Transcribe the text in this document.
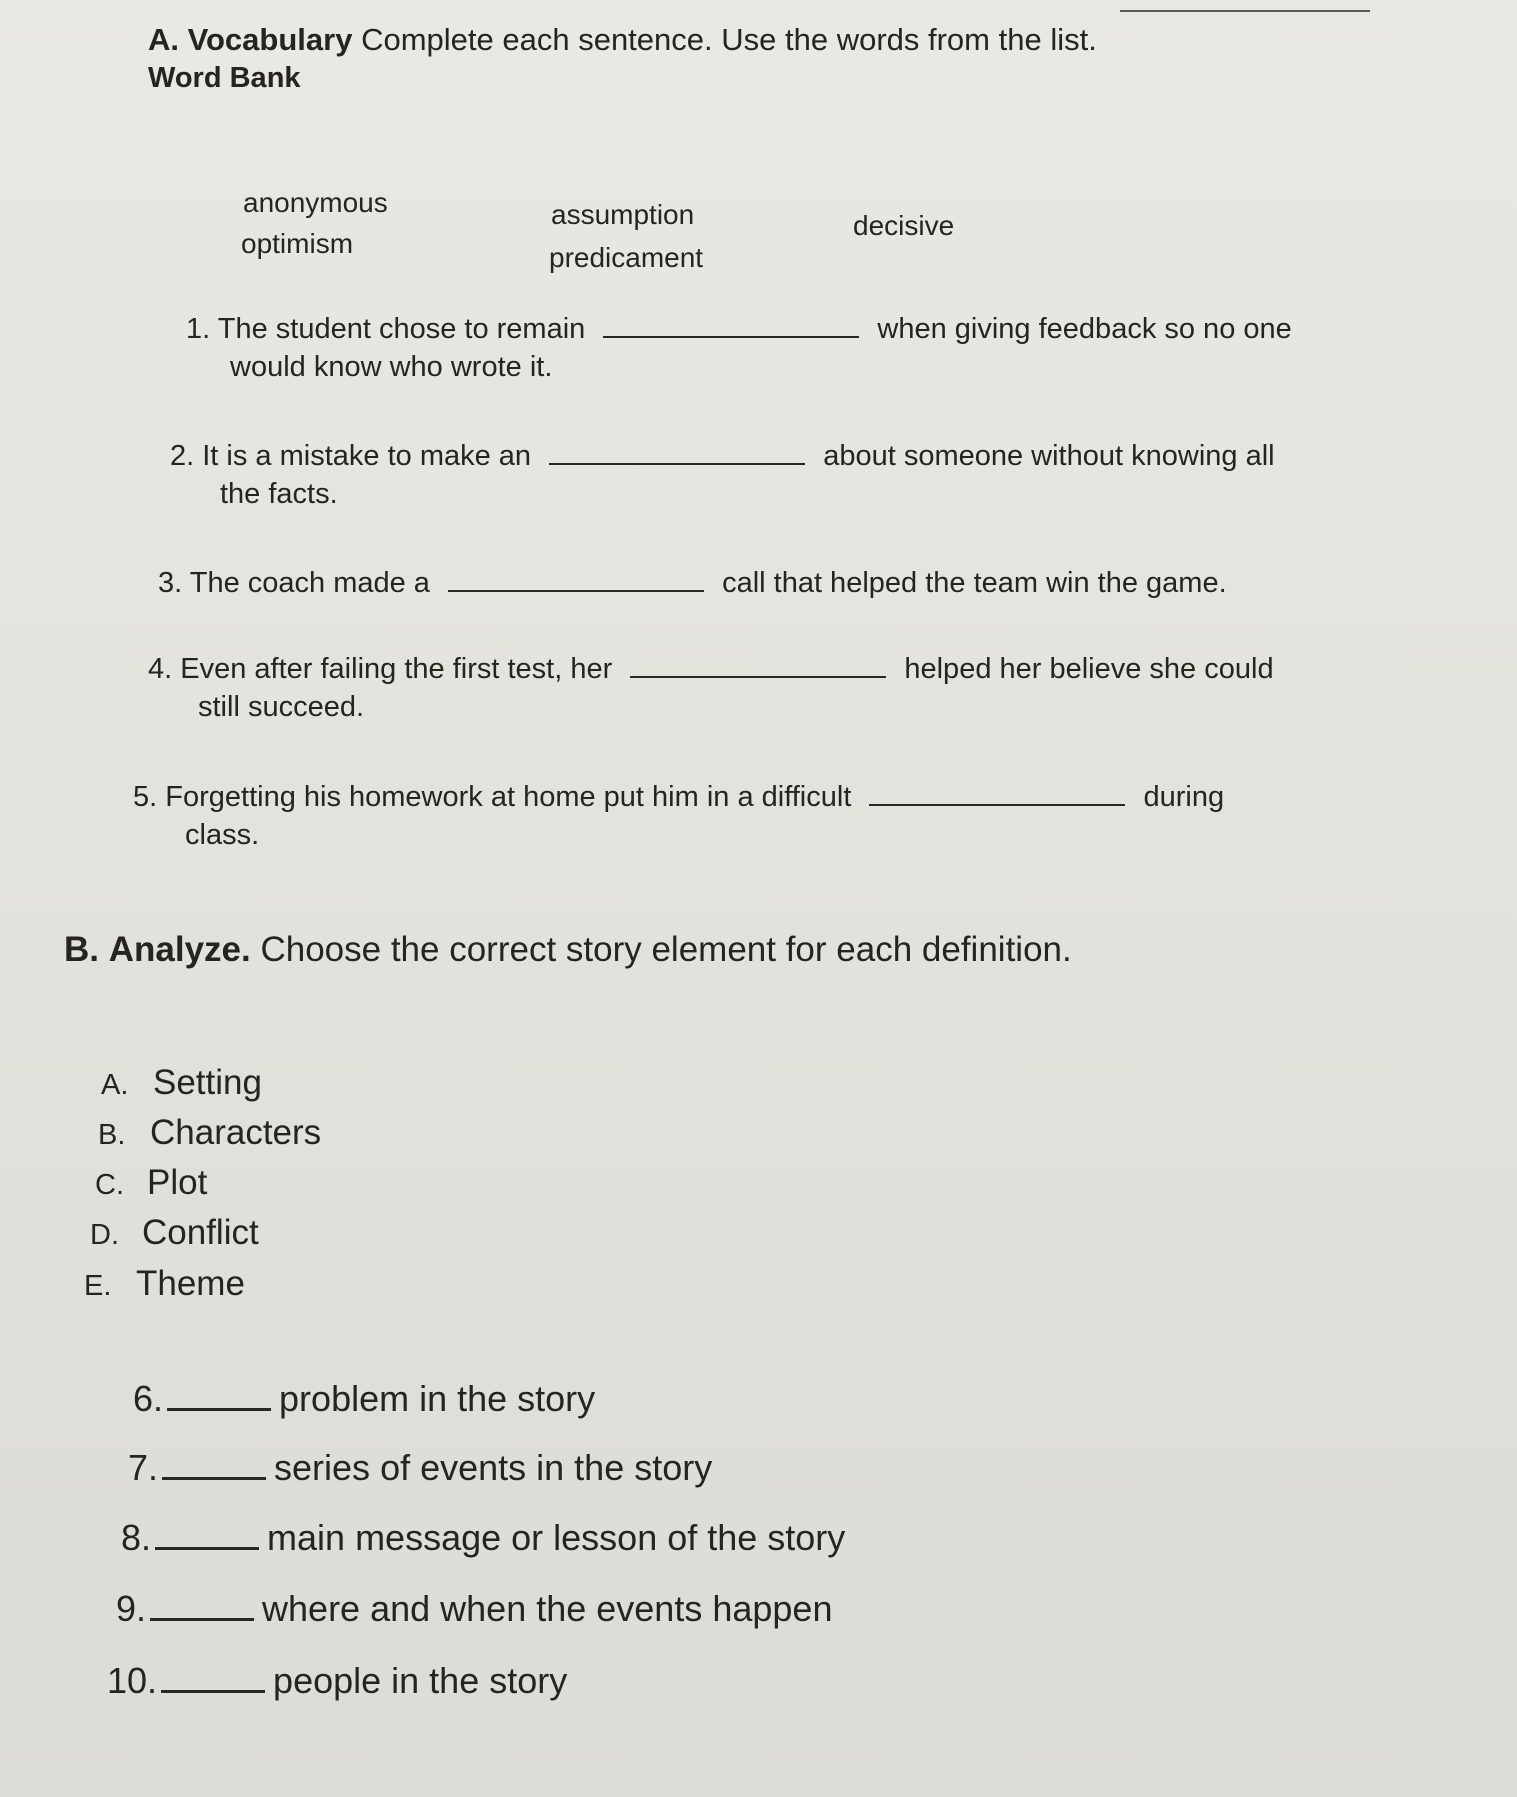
A. Vocabulary Complete each sentence. Use the words from the list.
Word Bank
anonymous	assumption	decisive
optimism	predicament
1. The student chose to remain	when giving feedback so no one
would know who wrote it.
2. It is a mistake to make an	about someone without knowing all
the facts.
3. The coach made a	call that helped the team win the game.
4. Even after failing the first test, her	helped her believe she could
still succeed.
5. Forgetting his homework at home put him in a difficult	during
class.
B. Analyze. Choose the correct story element for each definition.
A. Setting
B. Characters
C. Plot
D. Conflict
E. Theme
6.	problem in the story
7.	series of events in the story
8.	main message or lesson of the story
9.	where and when the events happen
10.	people in the story
